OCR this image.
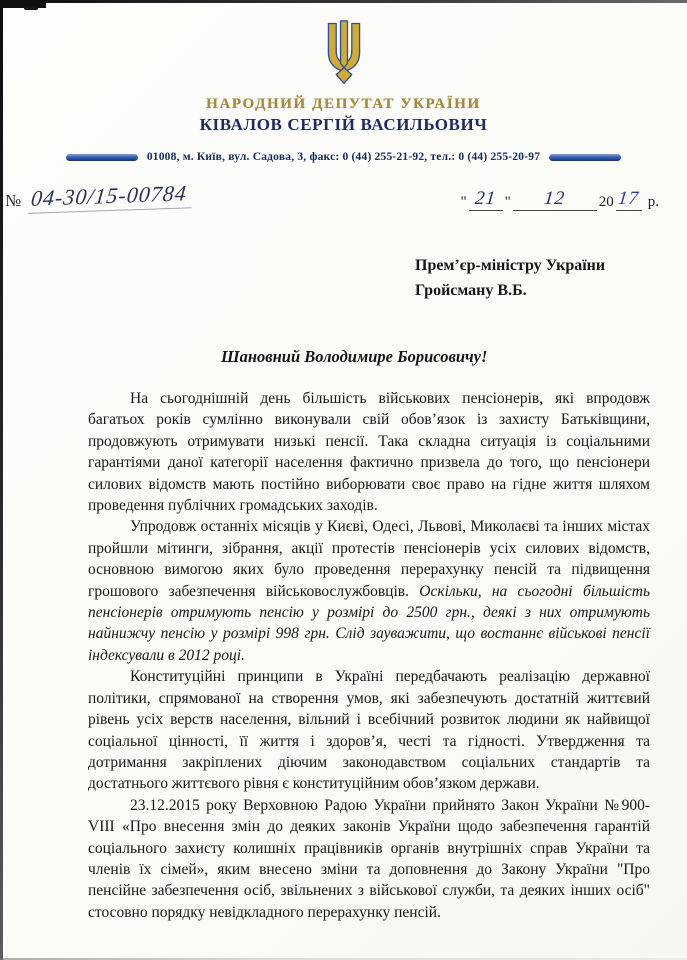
НАРОДНИЙ ДЕПУТАТ УКРАЇНИ
КІВАЛОВ СЕРГІЙ ВАСИЛЬОВИЧ
01008, м. Київ, вул. Садова, 3, факс: 0 (44) 255-21-92, тел.: 0 (44) 255-20-97
№ 04-30/15-00784	" 21 "	12	20 17 р.
Прем’єр-міністру України
Гройсману В.Б.
Шановний Володимире Борисовичу!

На сьогоднішній день більшість військових пенсіонерів, які впродовж багатьох років сумлінно виконували свій обов’язок із захисту Батьківщини, продовжують отримувати низькі пенсії. Така складна ситуація із соціальними гарантіями даної категорії населення фактично призвела до того, що пенсіонери силових відомств мають постійно виборювати своє право на гідне життя шляхом проведення публічних громадських заходів.

Упродовж останніх місяців у Києві, Одесі, Львові, Миколаєві та інших містах пройшли мітинги, зібрання, акції протестів пенсіонерів усіх силових відомств, основною вимогою яких було проведення перерахунку пенсій та підвищення грошового забезпечення військовослужбовців. Оскільки, на сьогодні більшість пенсіонерів отримують пенсію у розмірі до 2500 грн., деякі з них отримують найнижчу пенсію у розмірі 998 грн. Слід зауважити, що востаннє військові пенсії індексували в 2012 році.

Конституційні принципи в Україні передбачають реалізацію державної політики, спрямованої на створення умов, які забезпечують достатній життєвий рівень усіх верств населення, вільний і всебічний розвиток людини як найвищої соціальної цінності, її життя і здоров’я, честі та гідності. Утвердження та дотримання закріплених діючим законодавством соціальних стандартів та достатнього життєвого рівня є конституційним обов’язком держави.

23.12.2015 року Верховною Радою України прийнято Закон України №900-VIII «Про внесення змін до деяких законів України щодо забезпечення гарантій соціального захисту колишніх працівників органів внутрішніх справ України та членів їх сімей», яким внесено зміни та доповнення до Закону України "Про пенсійне забезпечення осіб, звільнених з військової служби, та деяких інших осіб" стосовно порядку невідкладного перерахунку пенсій.
